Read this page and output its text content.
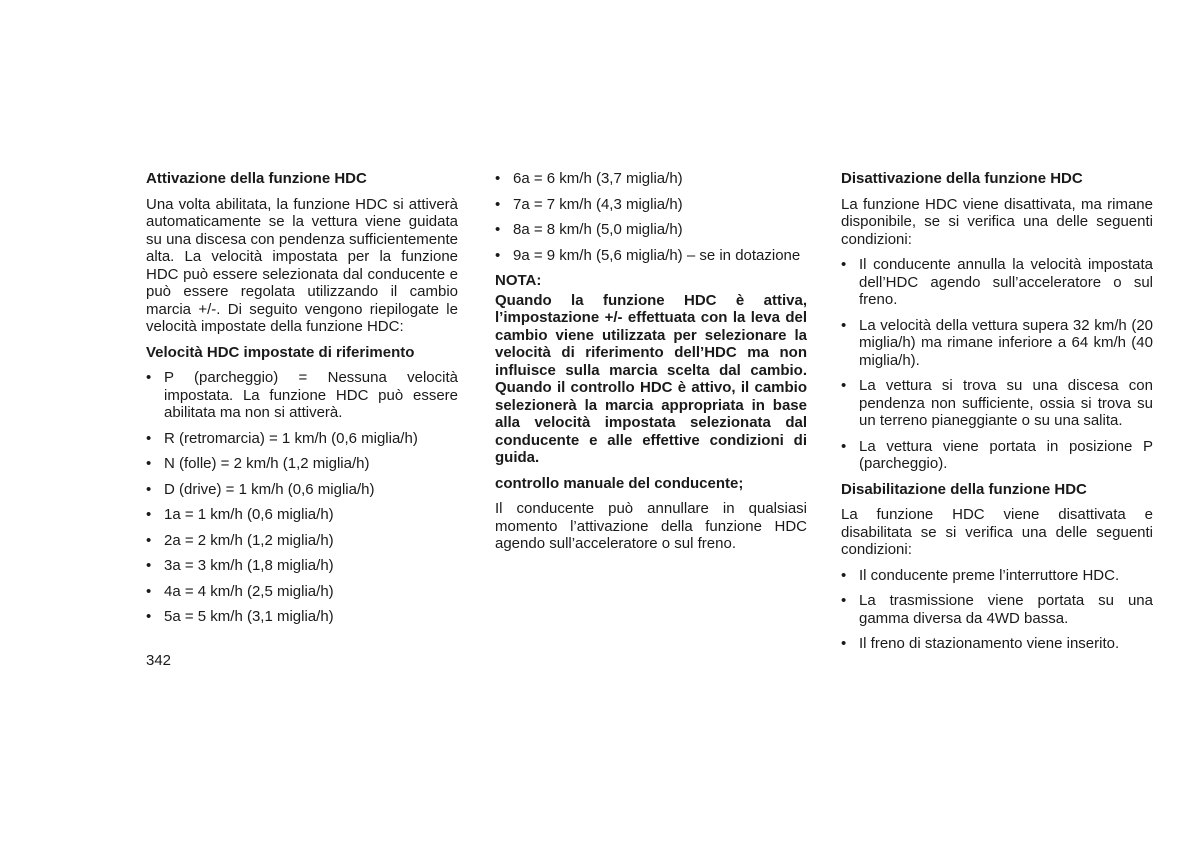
Attivazione della funzione HDC
Una volta abilitata, la funzione HDC si attiverà automaticamente se la vettura viene guidata su una discesa con pendenza sufficientemente alta. La velocità impostata per la funzione HDC può essere selezionata dal conducente e può essere regolata utilizzando il cambio marcia +/-. Di seguito vengono riepilogate le velocità impostate della funzione HDC:
Velocità HDC impostate di riferimento
• P (parcheggio) = Nessuna velocità impostata. La funzione HDC può essere abilitata ma non si attiverà.
• R (retromarcia) = 1 km/h (0,6 miglia/h)
• N (folle) = 2 km/h (1,2 miglia/h)
• D (drive) = 1 km/h (0,6 miglia/h)
• 1a = 1 km/h (0,6 miglia/h)
• 2a = 2 km/h (1,2 miglia/h)
• 3a = 3 km/h (1,8 miglia/h)
• 4a = 4 km/h (2,5 miglia/h)
• 5a = 5 km/h (3,1 miglia/h)
• 6a = 6 km/h (3,7 miglia/h)
• 7a = 7 km/h (4,3 miglia/h)
• 8a = 8 km/h (5,0 miglia/h)
• 9a = 9 km/h (5,6 miglia/h) – se in dotazione
NOTA:
Quando la funzione HDC è attiva, l’impostazione +/- effettuata con la leva del cambio viene utilizzata per selezionare la velocità di riferimento dell’HDC ma non influisce sulla marcia scelta dal cambio. Quando il controllo HDC è attivo, il cambio selezionerà la marcia appropriata in base alla velocità impostata selezionata dal conducente e alle effettive condizioni di guida.
controllo manuale del conducente;
Il conducente può annullare in qualsiasi momento l’attivazione della funzione HDC agendo sull’acceleratore o sul freno.
Disattivazione della funzione HDC
La funzione HDC viene disattivata, ma rimane disponibile, se si verifica una delle seguenti condizioni:
• Il conducente annulla la velocità impostata dell’HDC agendo sull’acceleratore o sul freno.
• La velocità della vettura supera 32 km/h (20 miglia/h) ma rimane inferiore a 64 km/h (40 miglia/h).
• La vettura si trova su una discesa con pendenza non sufficiente, ossia si trova su un terreno pianeggiante o su una salita.
• La vettura viene portata in posizione P (parcheggio).
Disabilitazione della funzione HDC
La funzione HDC viene disattivata e disabilitata se si verifica una delle seguenti condizioni:
• Il conducente preme l’interruttore HDC.
• La trasmissione viene portata su una gamma diversa da 4WD bassa.
• Il freno di stazionamento viene inserito.
342
